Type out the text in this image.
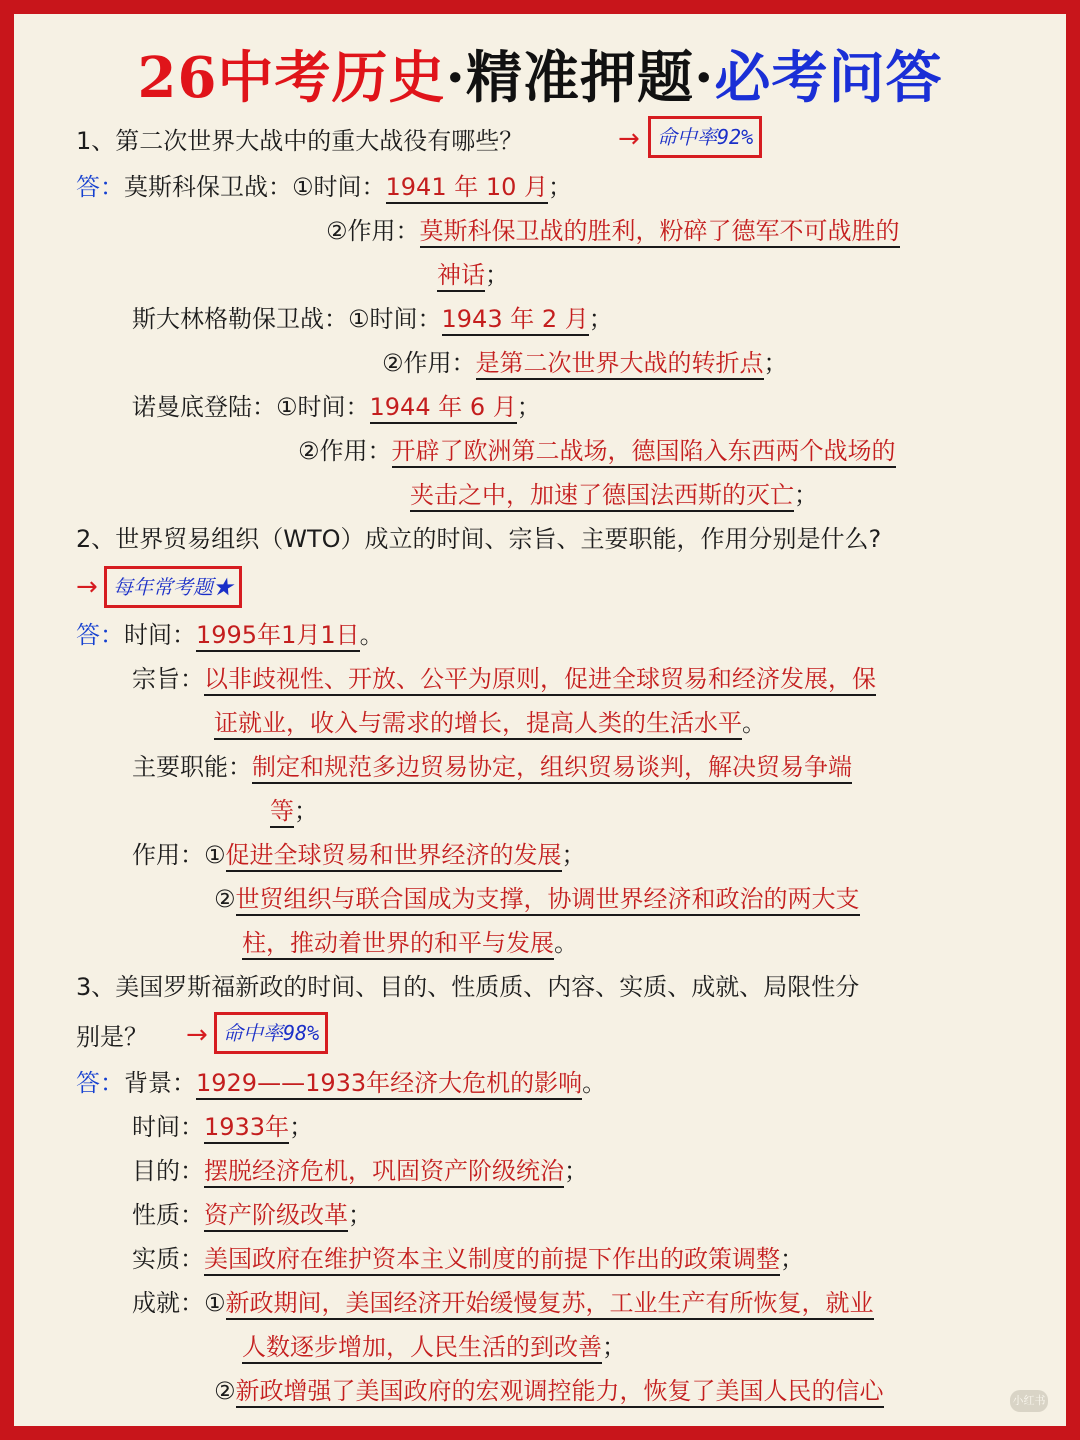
26中考历史·精准押题·必考问答
1、第二次世界大战中的重大战役有哪些？	→ 命中率92%
答：莫斯科保卫战：①时间：1941 年 10 月；
②作用：莫斯科保卫战的胜利，粉碎了德军不可战胜的
神话；
斯大林格勒保卫战：①时间：1943 年 2 月；
②作用：是第二次世界大战的转折点；
诺曼底登陆：①时间：1944 年 6 月；
②作用：开辟了欧洲第二战场，德国陷入东西两个战场的
夹击之中，加速了德国法西斯的灭亡；
2、世界贸易组织（WTO）成立的时间、宗旨、主要职能，作用分别是什么?
→ 每年常考题★
答：时间：1995年1月1日。
宗旨：以非歧视性、开放、公平为原则，促进全球贸易和经济发展，保
证就业，收入与需求的增长，提高人类的生活水平。
主要职能：制定和规范多边贸易协定，组织贸易谈判，解决贸易争端
等；
作用：①促进全球贸易和世界经济的发展；
②世贸组织与联合国成为支撑，协调世界经济和政治的两大支
柱，推动着世界的和平与发展。
3、美国罗斯福新政的时间、目的、性质质、内容、实质、成就、局限性分
别是？ → 命中率98%
答：背景：1929——1933年经济大危机的影响。
时间：1933年；
目的：摆脱经济危机，巩固资产阶级统治；
性质：资产阶级改革；
实质：美国政府在维护资本主义制度的前提下作出的政策调整；
成就：①新政期间，美国经济开始缓慢复苏，工业生产有所恢复，就业
人数逐步增加，人民生活的到改善；
②新政增强了美国政府的宏观调控能力，恢复了美国人民的信心	小红书
